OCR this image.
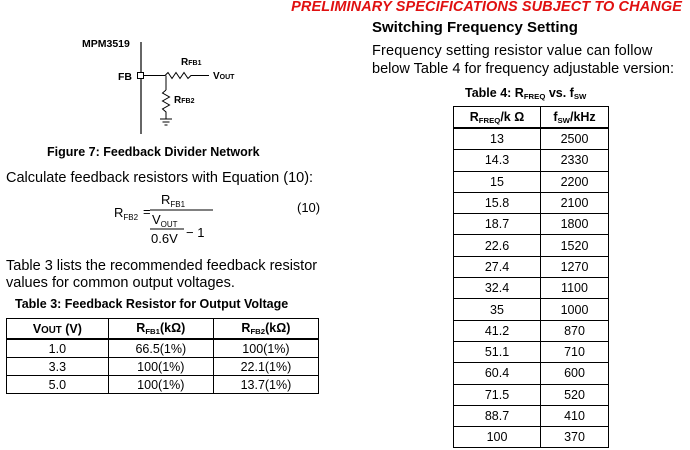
PRELIMINARY SPECIFICATIONS SUBJECT TO CHANGE
MPM3519
FB
RFB1
VOUT
RFB2
Figure 7: Feedback Divider Network
Calculate feedback resistors with Equation (10):
$R_{FB2}$ =
$R_{FB1}$
$V_{OUT}$
0.6V − 1
(10)
Table 3 lists the recommended feedback resistor
values for common output voltages.
Table 3: Feedback Resistor for Output Voltage
VOUT (V)	$R_{FB1}(k\Omega)$	$R_{FB2}(k\Omega)$
1.0	66.5(1%)	100(1%)
3.3	100(1%)	22.1(1%)
5.0	100(1%)	13.7(1%)
Switching Frequency Setting
Frequency setting resistor value can follow
below Table 4 for frequency adjustable version:
Table 4: $R_{FREQ}$ vs. $f_{SW}$
$R_{FREQ}/k$ Ω	$f_{SW}$/kHz
13	2500
14.3	2330
15	2200
15.8	2100
18.7	1800
22.6	1520
27.4	1270
32.4	1100
35	1000
41.2	870
51.1	710
60.4	600
71.5	520
88.7	410
100	370
